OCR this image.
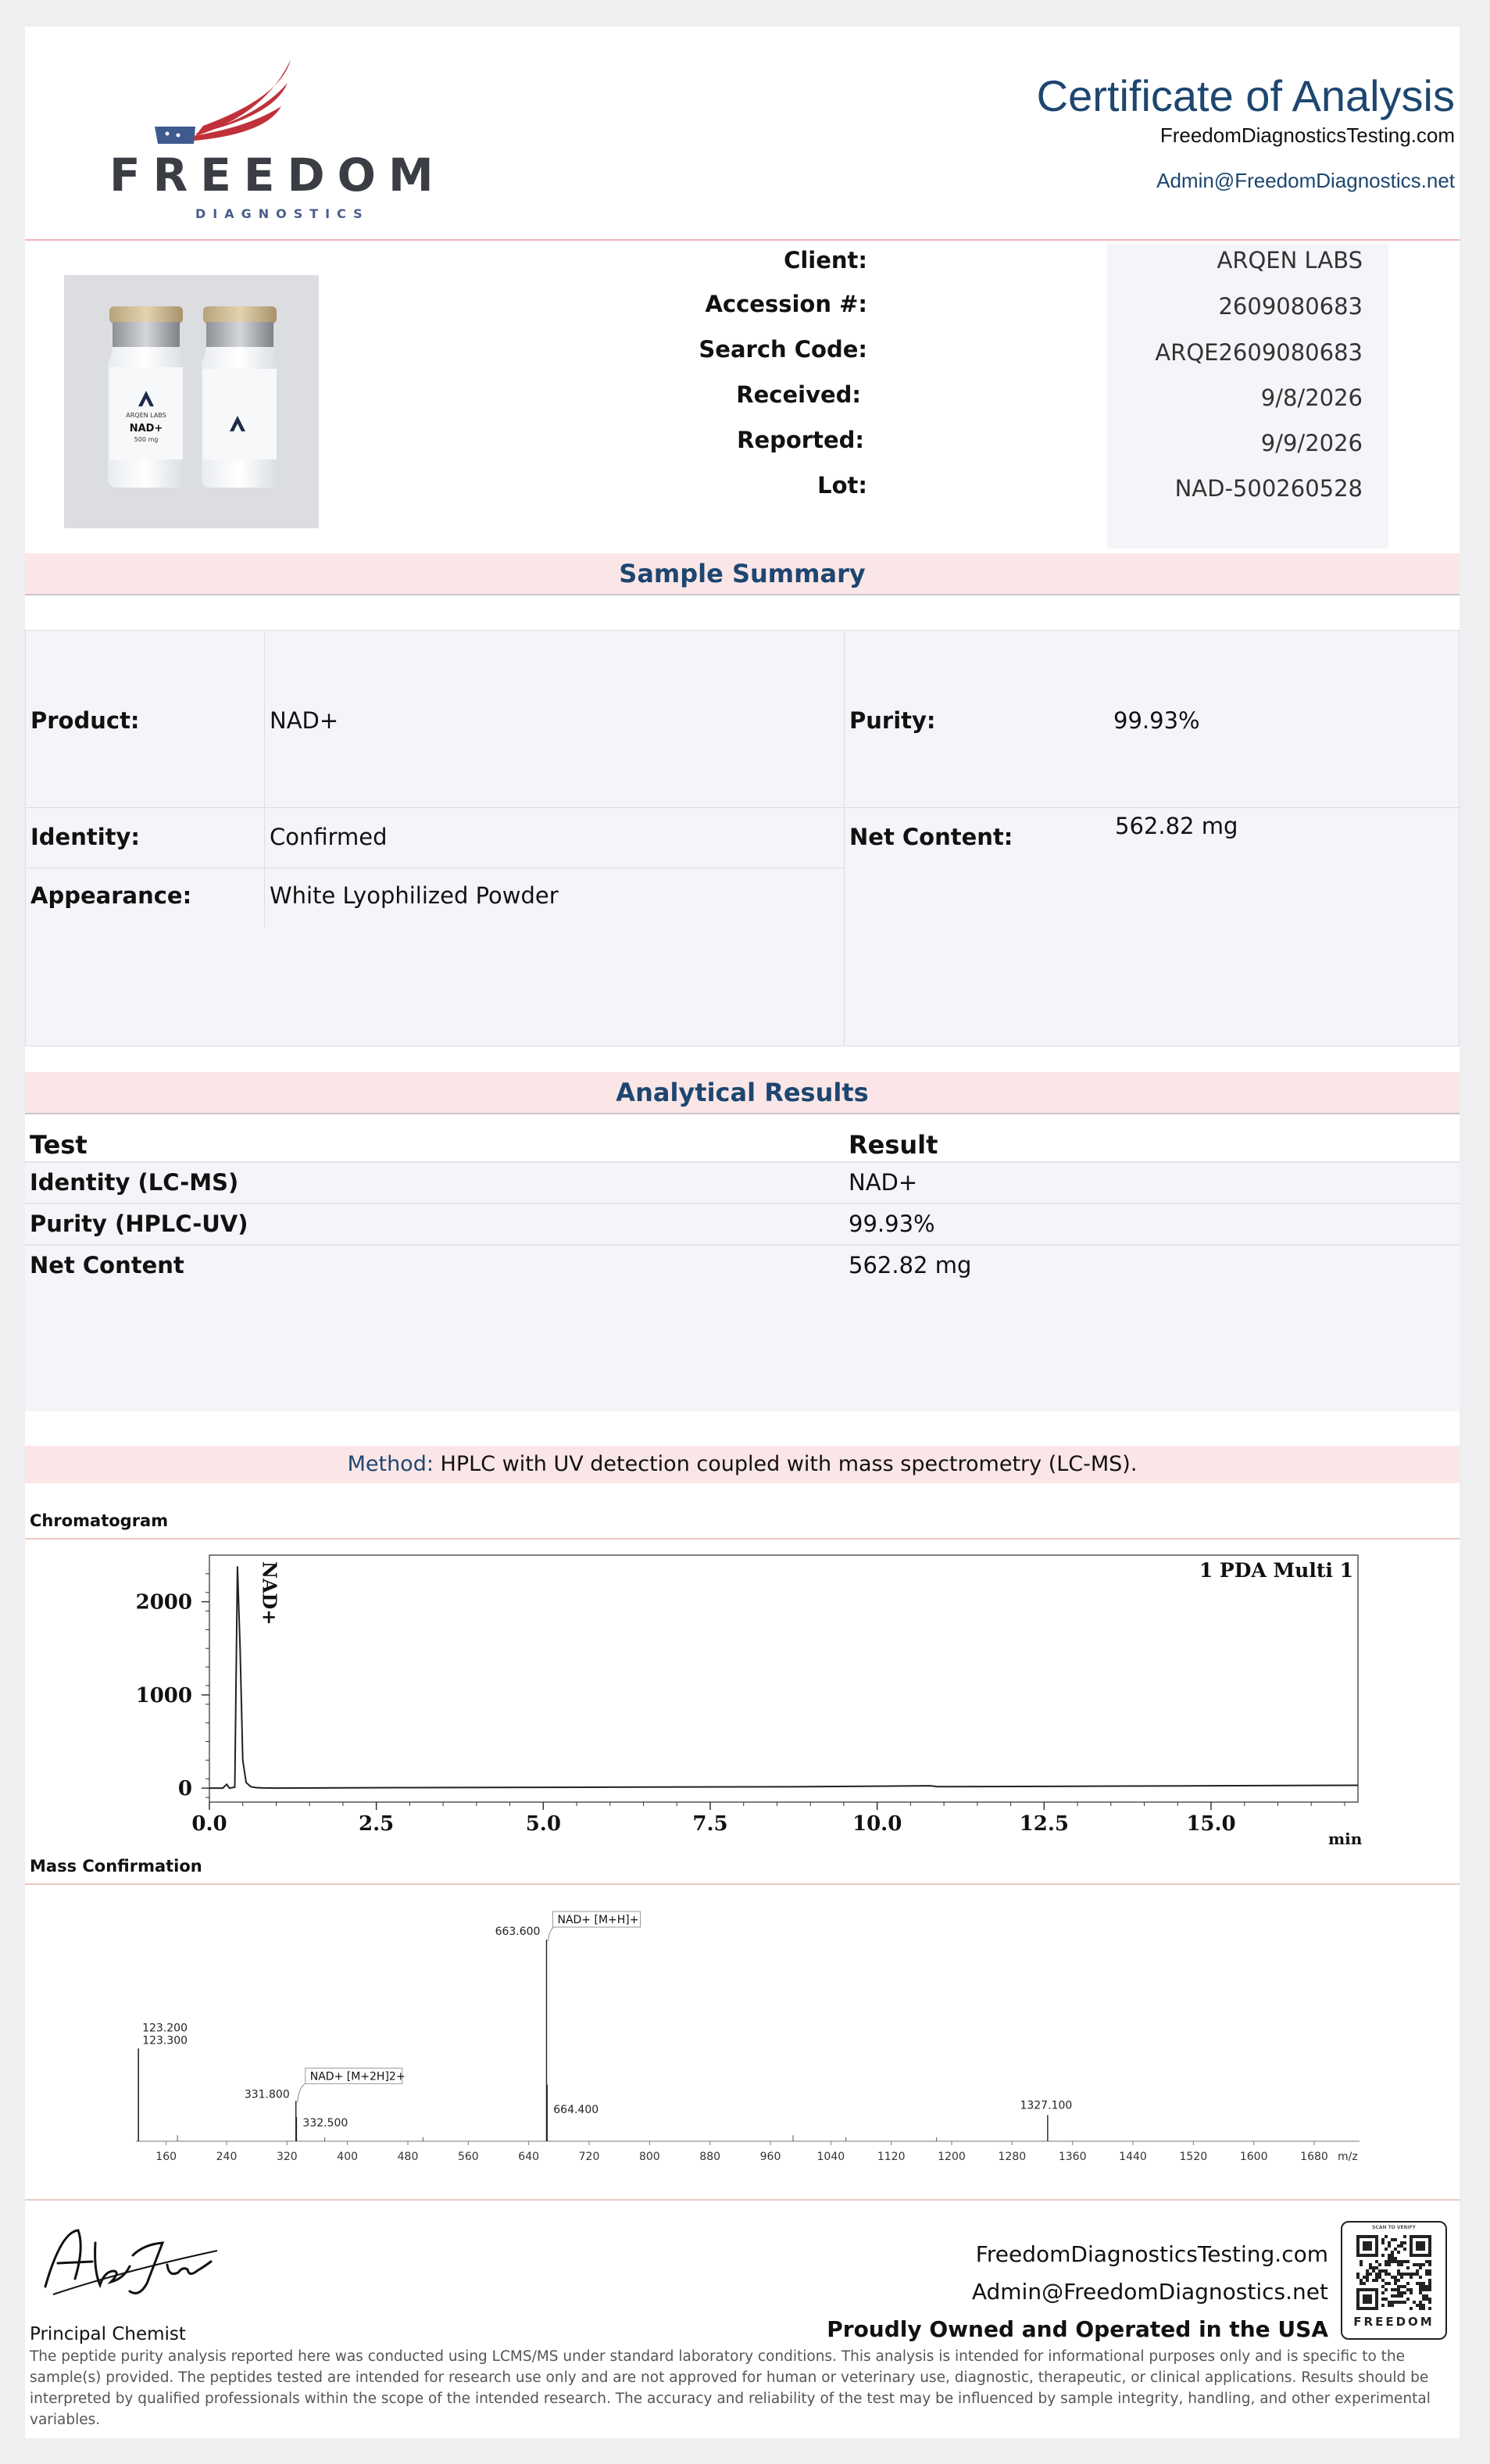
FREEDOM
DIAGNOSTICS
Certificate of Analysis
FreedomDiagnosticsTesting.com
Admin@FreedomDiagnostics.net
ARQEN LABS
NAD+
500 mg
Client:	ARQEN LABS
Accession #:	2609080683
Search Code:	ARQE2609080683
Received:	9/8/2026
Reported:	9/9/2026
Lot:	NAD-500260528
Sample Summary
Product:	NAD+	Purity:	99.93%
Identity:	Confirmed	Net Content:	562.82 mg
Appearance:	White Lyophilized Powder
Analytical Results
Test	Result
Identity (LC-MS)	NAD+
Purity (HPLC-UV)	99.93%
Net Content	562.82 mg
Method: HPLC with UV detection coupled with mass spectrometry (LC-MS).
Chromatogram
0.0	2.5	5.0	7.5	10.0	12.5	15.0
0
1000
2000
1 PDA Multi 1
NAD+
min
Mass Confirmation
160	240	320	400	480	560	640	720	800	880	960	1040	1120	1200	1280	1360	1440	1520	1600	1680
123.200
123.300
331.800
332.500
663.600
664.400	1327.100
m/z
NAD+ [M+H]+
NAD+ [M+2H]2+
Principal Chemist
FreedomDiagnosticsTesting.com
Admin@FreedomDiagnostics.net
Proudly Owned and Operated in the USA
SCAN TO VERIFY
FREEDOM
The peptide purity analysis reported here was conducted using LCMS/MS under standard laboratory conditions. This analysis is intended for informational purposes only and is specific to the sample(s) provided. The peptides tested are intended for research use only and are not approved for human or veterinary use, diagnostic, therapeutic, or clinical applications. Results should be interpreted by qualified professionals within the scope of the intended research. The accuracy and reliability of the test may be influenced by sample integrity, handling, and other experimental variables.
